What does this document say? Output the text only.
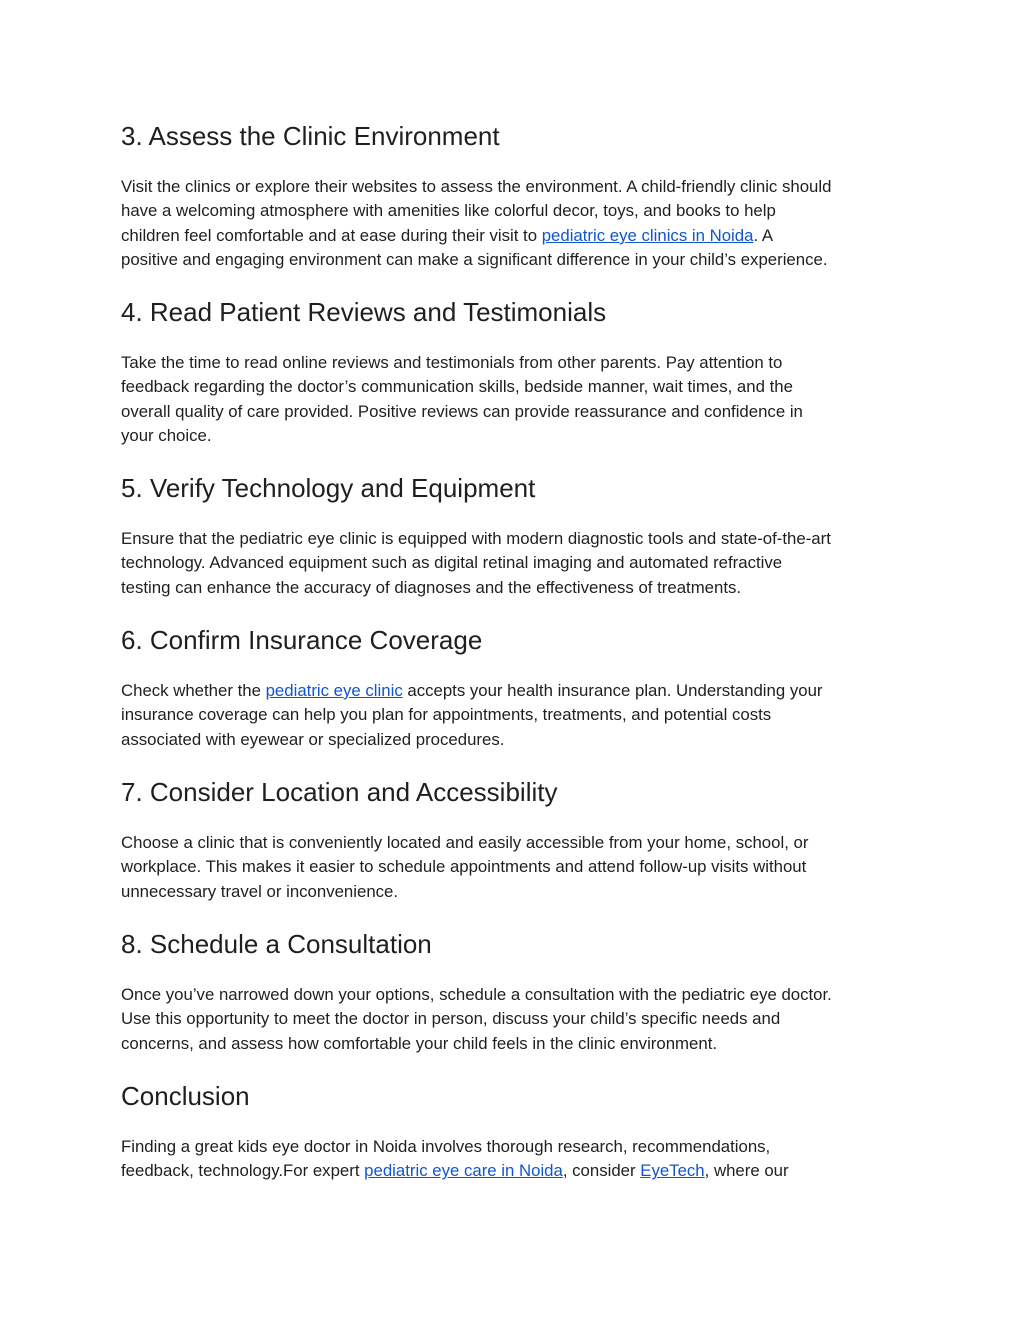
3. Assess the Clinic Environment

Visit the clinics or explore their websites to assess the environment. A child-friendly clinic should
have a welcoming atmosphere with amenities like colorful decor, toys, and books to help
children feel comfortable and at ease during their visit to pediatric eye clinics in Noida. A
positive and engaging environment can make a significant difference in your child’s experience.

4. Read Patient Reviews and Testimonials

Take the time to read online reviews and testimonials from other parents. Pay attention to
feedback regarding the doctor’s communication skills, bedside manner, wait times, and the
overall quality of care provided. Positive reviews can provide reassurance and confidence in
your choice.

5. Verify Technology and Equipment

Ensure that the pediatric eye clinic is equipped with modern diagnostic tools and state-of-the-art
technology. Advanced equipment such as digital retinal imaging and automated refractive
testing can enhance the accuracy of diagnoses and the effectiveness of treatments.

6. Confirm Insurance Coverage

Check whether the pediatric eye clinic accepts your health insurance plan. Understanding your
insurance coverage can help you plan for appointments, treatments, and potential costs
associated with eyewear or specialized procedures.

7. Consider Location and Accessibility

Choose a clinic that is conveniently located and easily accessible from your home, school, or
workplace. This makes it easier to schedule appointments and attend follow-up visits without
unnecessary travel or inconvenience.

8. Schedule a Consultation

Once you’ve narrowed down your options, schedule a consultation with the pediatric eye doctor.
Use this opportunity to meet the doctor in person, discuss your child’s specific needs and
concerns, and assess how comfortable your child feels in the clinic environment.

Conclusion

Finding a great kids eye doctor in Noida involves thorough research, recommendations,
feedback, technology.For expert pediatric eye care in Noida, consider EyeTech, where our
